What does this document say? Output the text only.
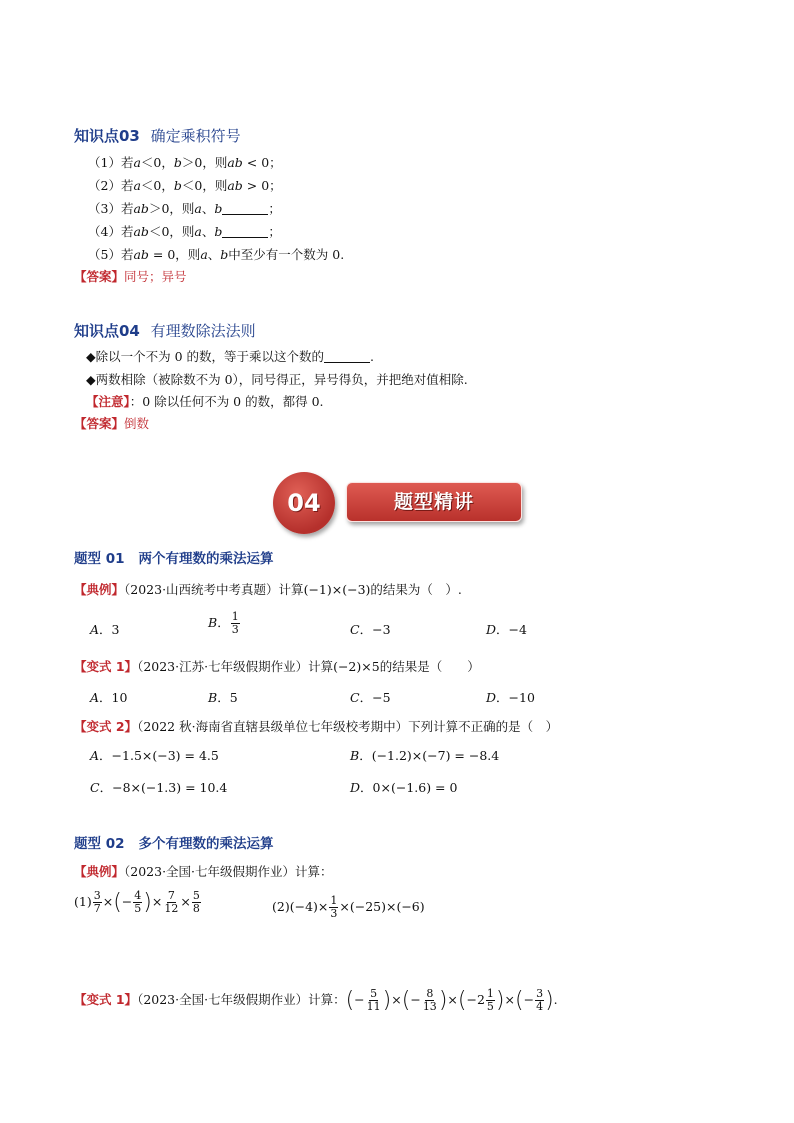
知识点03 确定乘积符号
（1）若a＜0，b＞0，则ab < 0；
（2）若a＜0，b＜0，则ab > 0；
（3）若ab＞0，则a、b	；
（4）若ab＜0，则a、b	；
（5）若ab = 0，则a、b中至少有一个数为 0.
【答案】同号；异号
知识点04 有理数除法法则
◆除以一个不为 0 的数，等于乘以这个数的	.
◆两数相除（被除数不为 0），同号得正，异号得负，并把绝对值相除.
【注意】：0 除以任何不为 0 的数，都得 0.
【答案】倒数
04	题型精讲
题型 01 两个有理数的乘法运算
【典例】（2023·山西统考中考真题）计算(−1)×(−3)的结果为（　）.
A．3	B． $\frac{1}{3}$	C．−3	D．−4
【变式 1】（2023·江苏·七年级假期作业）计算(−2)×5的结果是（　　）
A．10	B．5	C．−5	D．−10
【变式 2】（2022 秋·海南省直辖县级单位七年级校考期中）下列计算不正确的是（　）
A．−1.5×(−3) = 4.5	B．(−1.2)×(−7) = −8.4
C．−8×(−1.3) = 10.4	D．0×(−1.6) = 0
题型 02 多个有理数的乘法运算
【典例】（2023·全国·七年级假期作业）计算：
$(1) \frac{3}{7}$ ×(− $\frac{4}{5}$ )× $\frac{7}{12} \times \frac{5}{8}$	$(2)(-4)\times \frac{1}{3} \times(-25)\times(-6)$
【变式 1】（2023·全国·七年级假期作业）计算：(− $\frac{5}{11}$ )×(− $\frac{8}{13} )\times(-2 \frac{1}{5}$ )×(− $\frac{3}{4}$ ).
